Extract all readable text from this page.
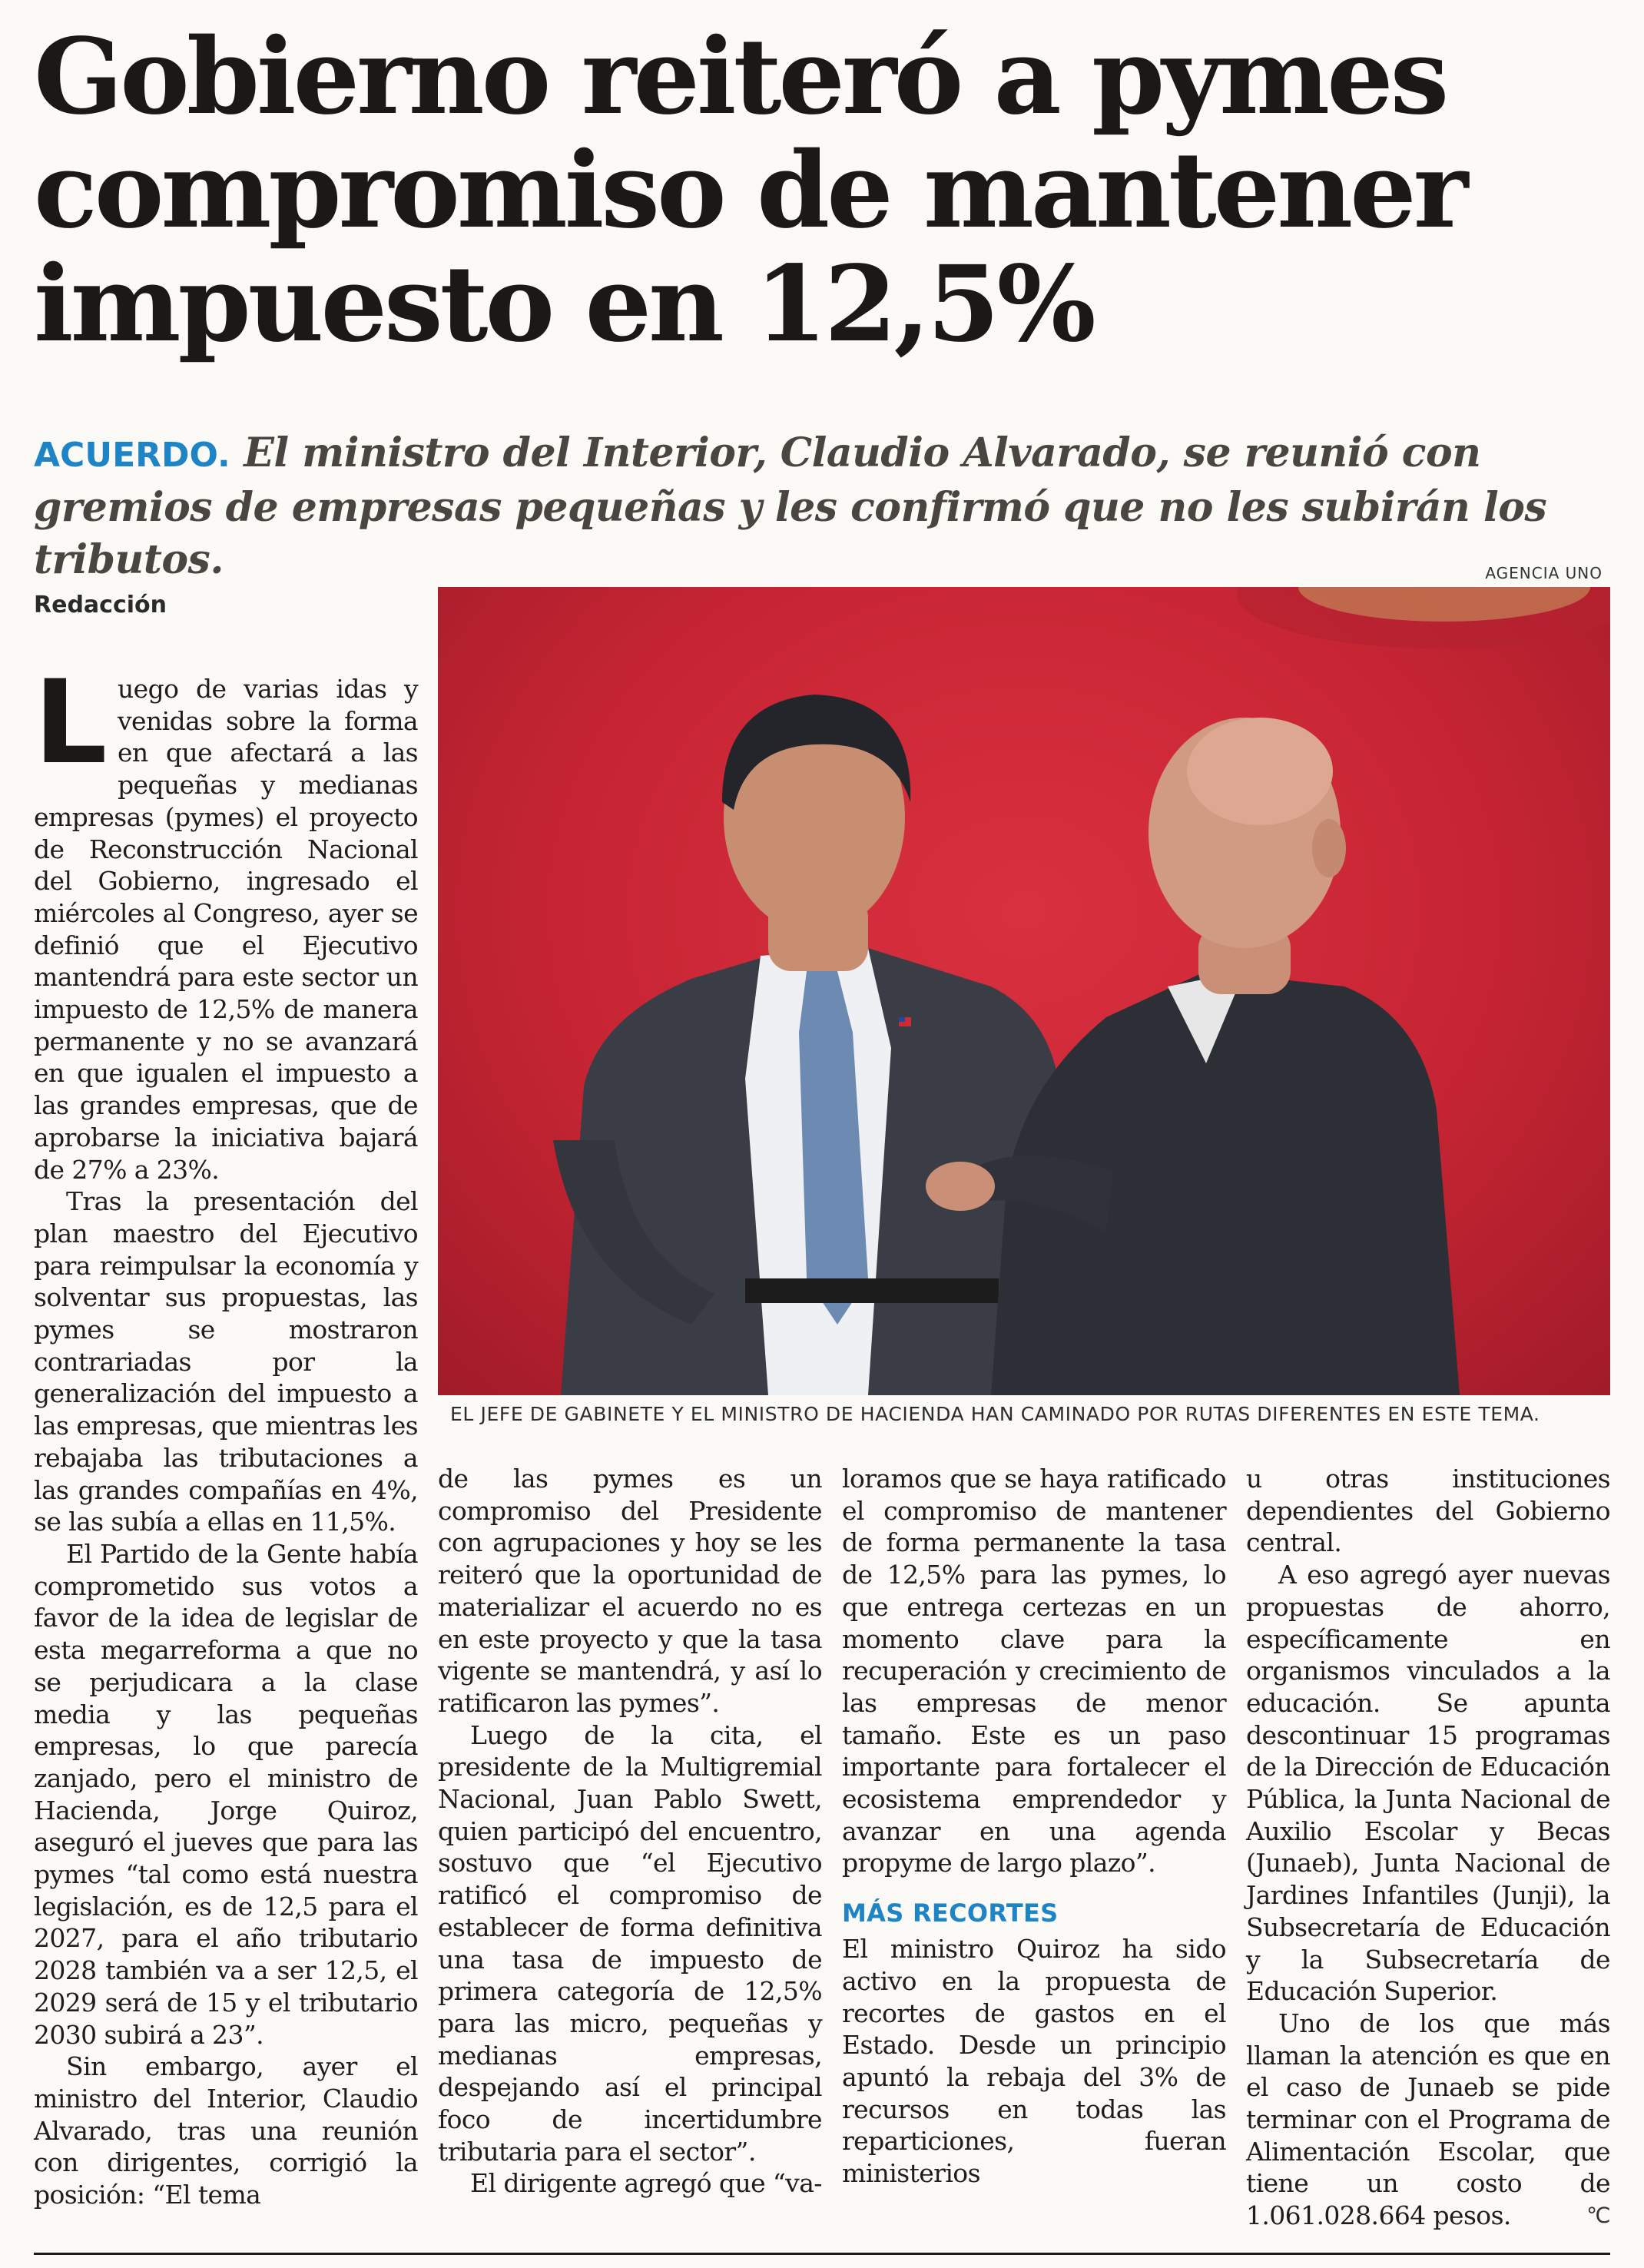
Gobierno reiteró a pymes compromiso de mantener impuesto en 12,5%

ACUERDO. El ministro del Interior, Claudio Alvarado, se reunió con gremios de empresas pequeñas y les confirmó que no les subirán los tributos.	AGENCIA UNO
Redacción
EL JEFE DE GABINETE Y EL MINISTRO DE HACIENDA HAN CAMINADO POR RUTAS DIFERENTES EN ESTE TEMA.

Luego de varias idas y venidas sobre la forma en que afectará a las pequeñas y medianas empresas (pymes) el proyecto de Reconstrucción Nacional del Gobierno, ingresado el miércoles al Congreso, ayer se definió que el Ejecutivo mantendrá para este sector un impuesto de 12,5% de manera permanente y no se avanzará en que igualen el impuesto a las grandes empresas, que de aprobarse la iniciativa bajará de 27% a 23%.

Tras la presentación del plan maestro del Ejecutivo para reimpulsar la economía y solventar sus propuestas, las pymes se mostraron contrariadas por la generalización del impuesto a las empresas, que mientras les rebajaba las tributaciones a las grandes compañías en 4%, se las subía a ellas en 11,5%.

El Partido de la Gente había comprometido sus votos a favor de la idea de legislar de esta megarreforma a que no se perjudicara a la clase media y las pequeñas empresas, lo que parecía zanjado, pero el ministro de Hacienda, Jorge Quiroz, aseguró el jueves que para las pymes “tal como está nuestra legislación, es de 12,5 para el 2027, para el año tributario 2028 también va a ser 12,5, el 2029 será de 15 y el tributario 2030 subirá a 23”.

Sin embargo, ayer el ministro del Interior, Claudio Alvarado, tras una reunión con dirigentes, corrigió la posición: “El tema

de las pymes es un compromiso del Presidente con agrupaciones y hoy se les reiteró que la oportunidad de materializar el acuerdo no es en este proyecto y que la tasa vigente se mantendrá, y así lo ratificaron las pymes”.

Luego de la cita, el presidente de la Multigremial Nacional, Juan Pablo Swett, quien participó del encuentro, sostuvo que “el Ejecutivo ratificó el compromiso de establecer de forma definitiva una tasa de impuesto de primera categoría de 12,5% para las micro, pequeñas y medianas empresas, despejando así el principal foco de incertidumbre tributaria para el sector”.

El dirigente agregó que “va-

loramos que se haya ratificado el compromiso de mantener de forma permanente la tasa de 12,5% para las pymes, lo que entrega certezas en un momento clave para la recuperación y crecimiento de las empresas de menor tamaño. Este es un paso importante para fortalecer el ecosistema emprendedor y avanzar en una agenda propyme de largo plazo”.

MÁS RECORTES

El ministro Quiroz ha sido activo en la propuesta de recortes de gastos en el Estado. Desde un principio apuntó la rebaja del 3% de recursos en todas las reparticiones, fueran ministerios

u otras instituciones dependientes del Gobierno central.

A eso agregó ayer nuevas propuestas de ahorro, específicamente en organismos vinculados a la educación. Se apunta descontinuar 15 programas de la Dirección de Educación Pública, la Junta Nacional de Auxilio Escolar y Becas (Junaeb), Junta Nacional de Jardines Infantiles (Junji), la Subsecretaría de Educación y la Subsecretaría de Educación Superior.

Uno de los que más llaman la atención es que en el caso de Junaeb se pide terminar con el Programa de Alimentación Escolar, que tiene un costo de 1.061.028.664 pesos.	℃
